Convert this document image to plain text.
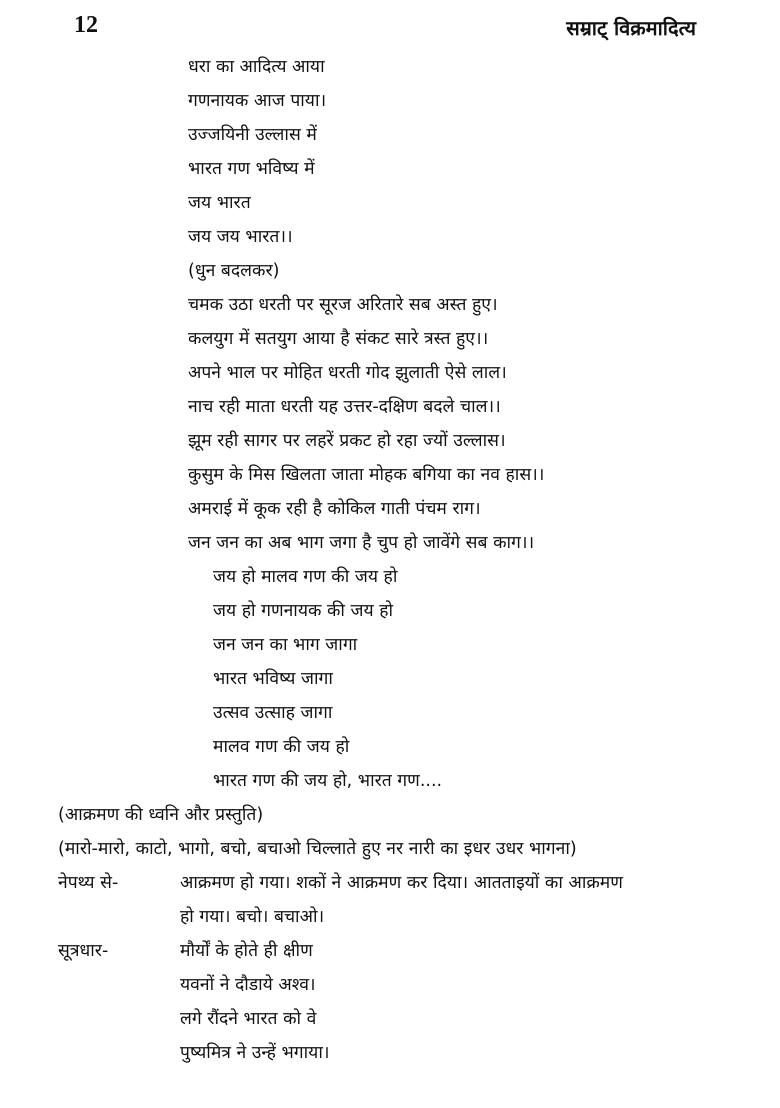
12	सम्राट् विक्रमादित्य
धरा का आदित्य आया
गणनायक आज पाया।
उज्जयिनी उल्लास में
भारत गण भविष्य में
जय भारत
जय जय भारत।।
(धुन बदलकर)
चमक उठा धरती पर सूरज अरितारे सब अस्त हुए।
कलयुग में सतयुग आया है संकट सारे त्रस्त हुए।।
अपने भाल पर मोहित धरती गोद झुलाती ऐसे लाल।
नाच रही माता धरती यह उत्तर-दक्षिण बदले चाल।।
झूम रही सागर पर लहरें प्रकट हो रहा ज्यों उल्लास।
कुसुम के मिस खिलता जाता मोहक बगिया का नव हास।।
अमराई में कूक रही है कोकिल गाती पंचम राग।
जन जन का अब भाग जगा है चुप हो जावेंगे सब काग।।
जय हो मालव गण की जय हो
जय हो गणनायक की जय हो
जन जन का भाग जागा
भारत भविष्य जागा
उत्सव उत्साह जागा
मालव गण की जय हो
भारत गण की जय हो, भारत गण....
(आक्रमण की ध्वनि और प्रस्तुति)
(मारो-मारो, काटो, भागो, बचो, बचाओ चिल्लाते हुए नर नारी का इधर उधर भागना)
नेपथ्य से-	आक्रमण हो गया। शकों ने आक्रमण कर दिया। आतताइयों का आक्रमण
हो गया। बचो। बचाओ।
सूत्रधार-	मौर्यों के होते ही क्षीण
यवनों ने दौडाये अश्व।
लगे रौंदने भारत को वे
पुष्यमित्र ने उन्हें भगाया।
